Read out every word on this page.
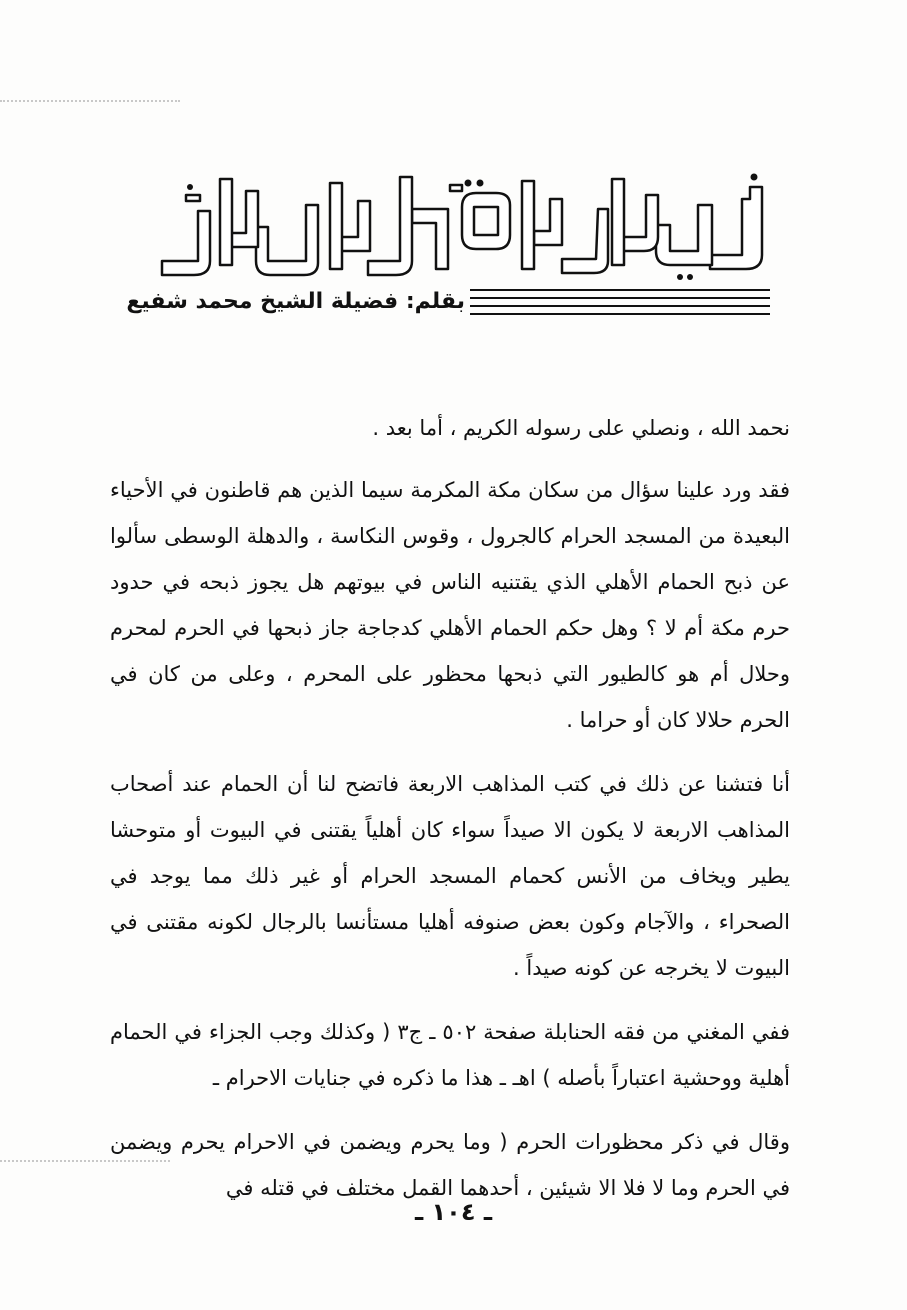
بقلم: فضيلة الشيخ محمد شفيع

نحمد الله ، ونصلي على رسوله الكريم ، أما بعد .

فقد ورد علينا سؤال من سكان مكة المكرمة سيما الذين هم قاطنون في الأحياء البعيدة من المسجد الحرام كالجرول ، وقوس النكاسة ، والدهلة الوسطى سألوا عن ذبح الحمام الأهلي الذي يقتنيه الناس في بيوتهم هل يجوز ذبحه في حدود حرم مكة أم لا ؟ وهل حكم الحمام الأهلي كدجاجة جاز ذبحها في الحرم لمحرم وحلال أم هو كالطيور التي ذبحها محظور على المحرم ، وعلى من كان في الحرم حلالا كان أو حراما .

أنا فتشنا عن ذلك في كتب المذاهب الاربعة فاتضح لنا أن الحمام عند أصحاب المذاهب الاربعة لا يكون الا صيداً سواء كان أهلياً يقتنى في البيوت أو متوحشا يطير ويخاف من الأنس كحمام المسجد الحرام أو غير ذلك مما يوجد في الصحراء ، والآجام وكون بعض صنوفه أهليا مستأنسا بالرجال لكونه مقتنى في البيوت لا يخرجه عن كونه صيداً .

ففي المغني من فقه الحنابلة صفحة ٥٠٢ ـ ج٣ ( وكذلك وجب الجزاء في الحمام أهلية ووحشية اعتباراً بأصله ) اهـ ـ هذا ما ذكره في جنايات الاحرام ـ

وقال في ذكر محظورات الحرم ( وما يحرم ويضمن في الاحرام يحرم ويضمن في الحرم وما لا فلا الا شيئين ، أحدهما القمل مختلف في قتله في

ـ ١٠٤ ـ
